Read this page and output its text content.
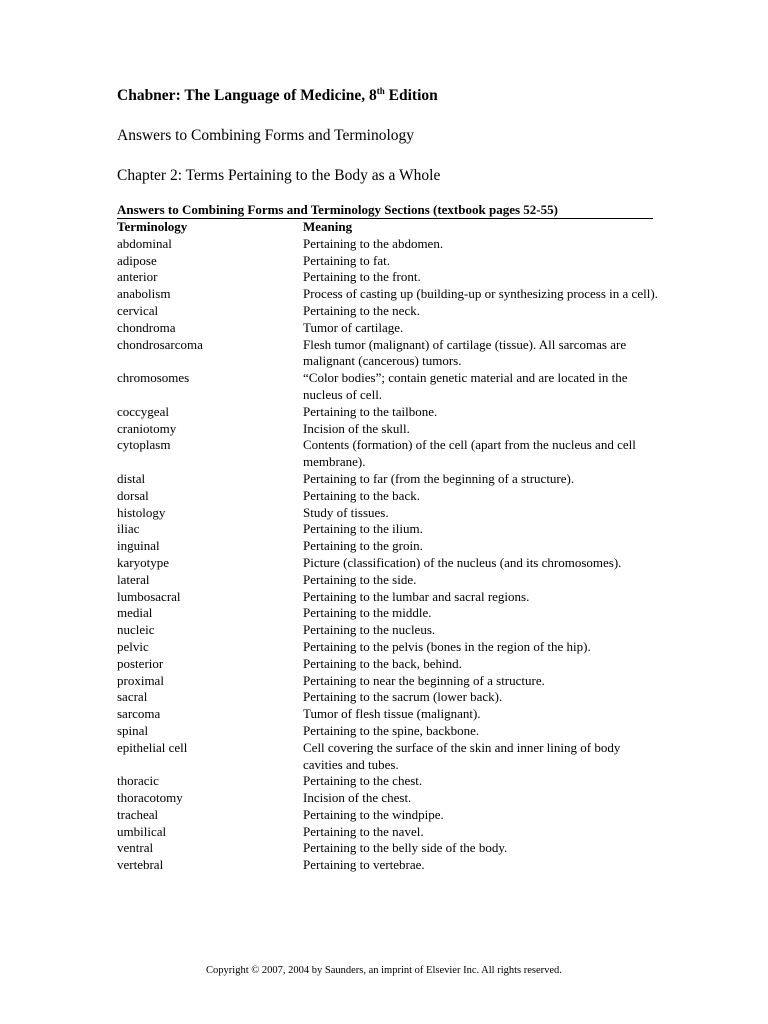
Chabner: The Language of Medicine, 8th Edition
Answers to Combining Forms and Terminology
Chapter 2: Terms Pertaining to the Body as a Whole
Answers to Combining Forms and Terminology Sections (textbook pages 52-55)
Terminology	Meaning
abdominal	Pertaining to the abdomen.
adipose	Pertaining to fat.
anterior	Pertaining to the front.
anabolism	Process of casting up (building-up or synthesizing process in a cell).
cervical	Pertaining to the neck.
chondroma	Tumor of cartilage.
chondrosarcoma	Flesh tumor (malignant) of cartilage (tissue). All sarcomas are malignant (cancerous) tumors.
chromosomes	“Color bodies”; contain genetic material and are located in the nucleus of cell.
coccygeal	Pertaining to the tailbone.
craniotomy	Incision of the skull.
cytoplasm	Contents (formation) of the cell (apart from the nucleus and cell membrane).
distal	Pertaining to far (from the beginning of a structure).
dorsal	Pertaining to the back.
histology	Study of tissues.
iliac	Pertaining to the ilium.
inguinal	Pertaining to the groin.
karyotype	Picture (classification) of the nucleus (and its chromosomes).
lateral	Pertaining to the side.
lumbosacral	Pertaining to the lumbar and sacral regions.
medial	Pertaining to the middle.
nucleic	Pertaining to the nucleus.
pelvic	Pertaining to the pelvis (bones in the region of the hip).
posterior	Pertaining to the back, behind.
proximal	Pertaining to near the beginning of a structure.
sacral	Pertaining to the sacrum (lower back).
sarcoma	Tumor of flesh tissue (malignant).
spinal	Pertaining to the spine, backbone.
epithelial cell	Cell covering the surface of the skin and inner lining of body cavities and tubes.
thoracic	Pertaining to the chest.
thoracotomy	Incision of the chest.
tracheal	Pertaining to the windpipe.
umbilical	Pertaining to the navel.
ventral	Pertaining to the belly side of the body.
vertebral	Pertaining to vertebrae.
Copyright © 2007, 2004 by Saunders, an imprint of Elsevier Inc. All rights reserved.
